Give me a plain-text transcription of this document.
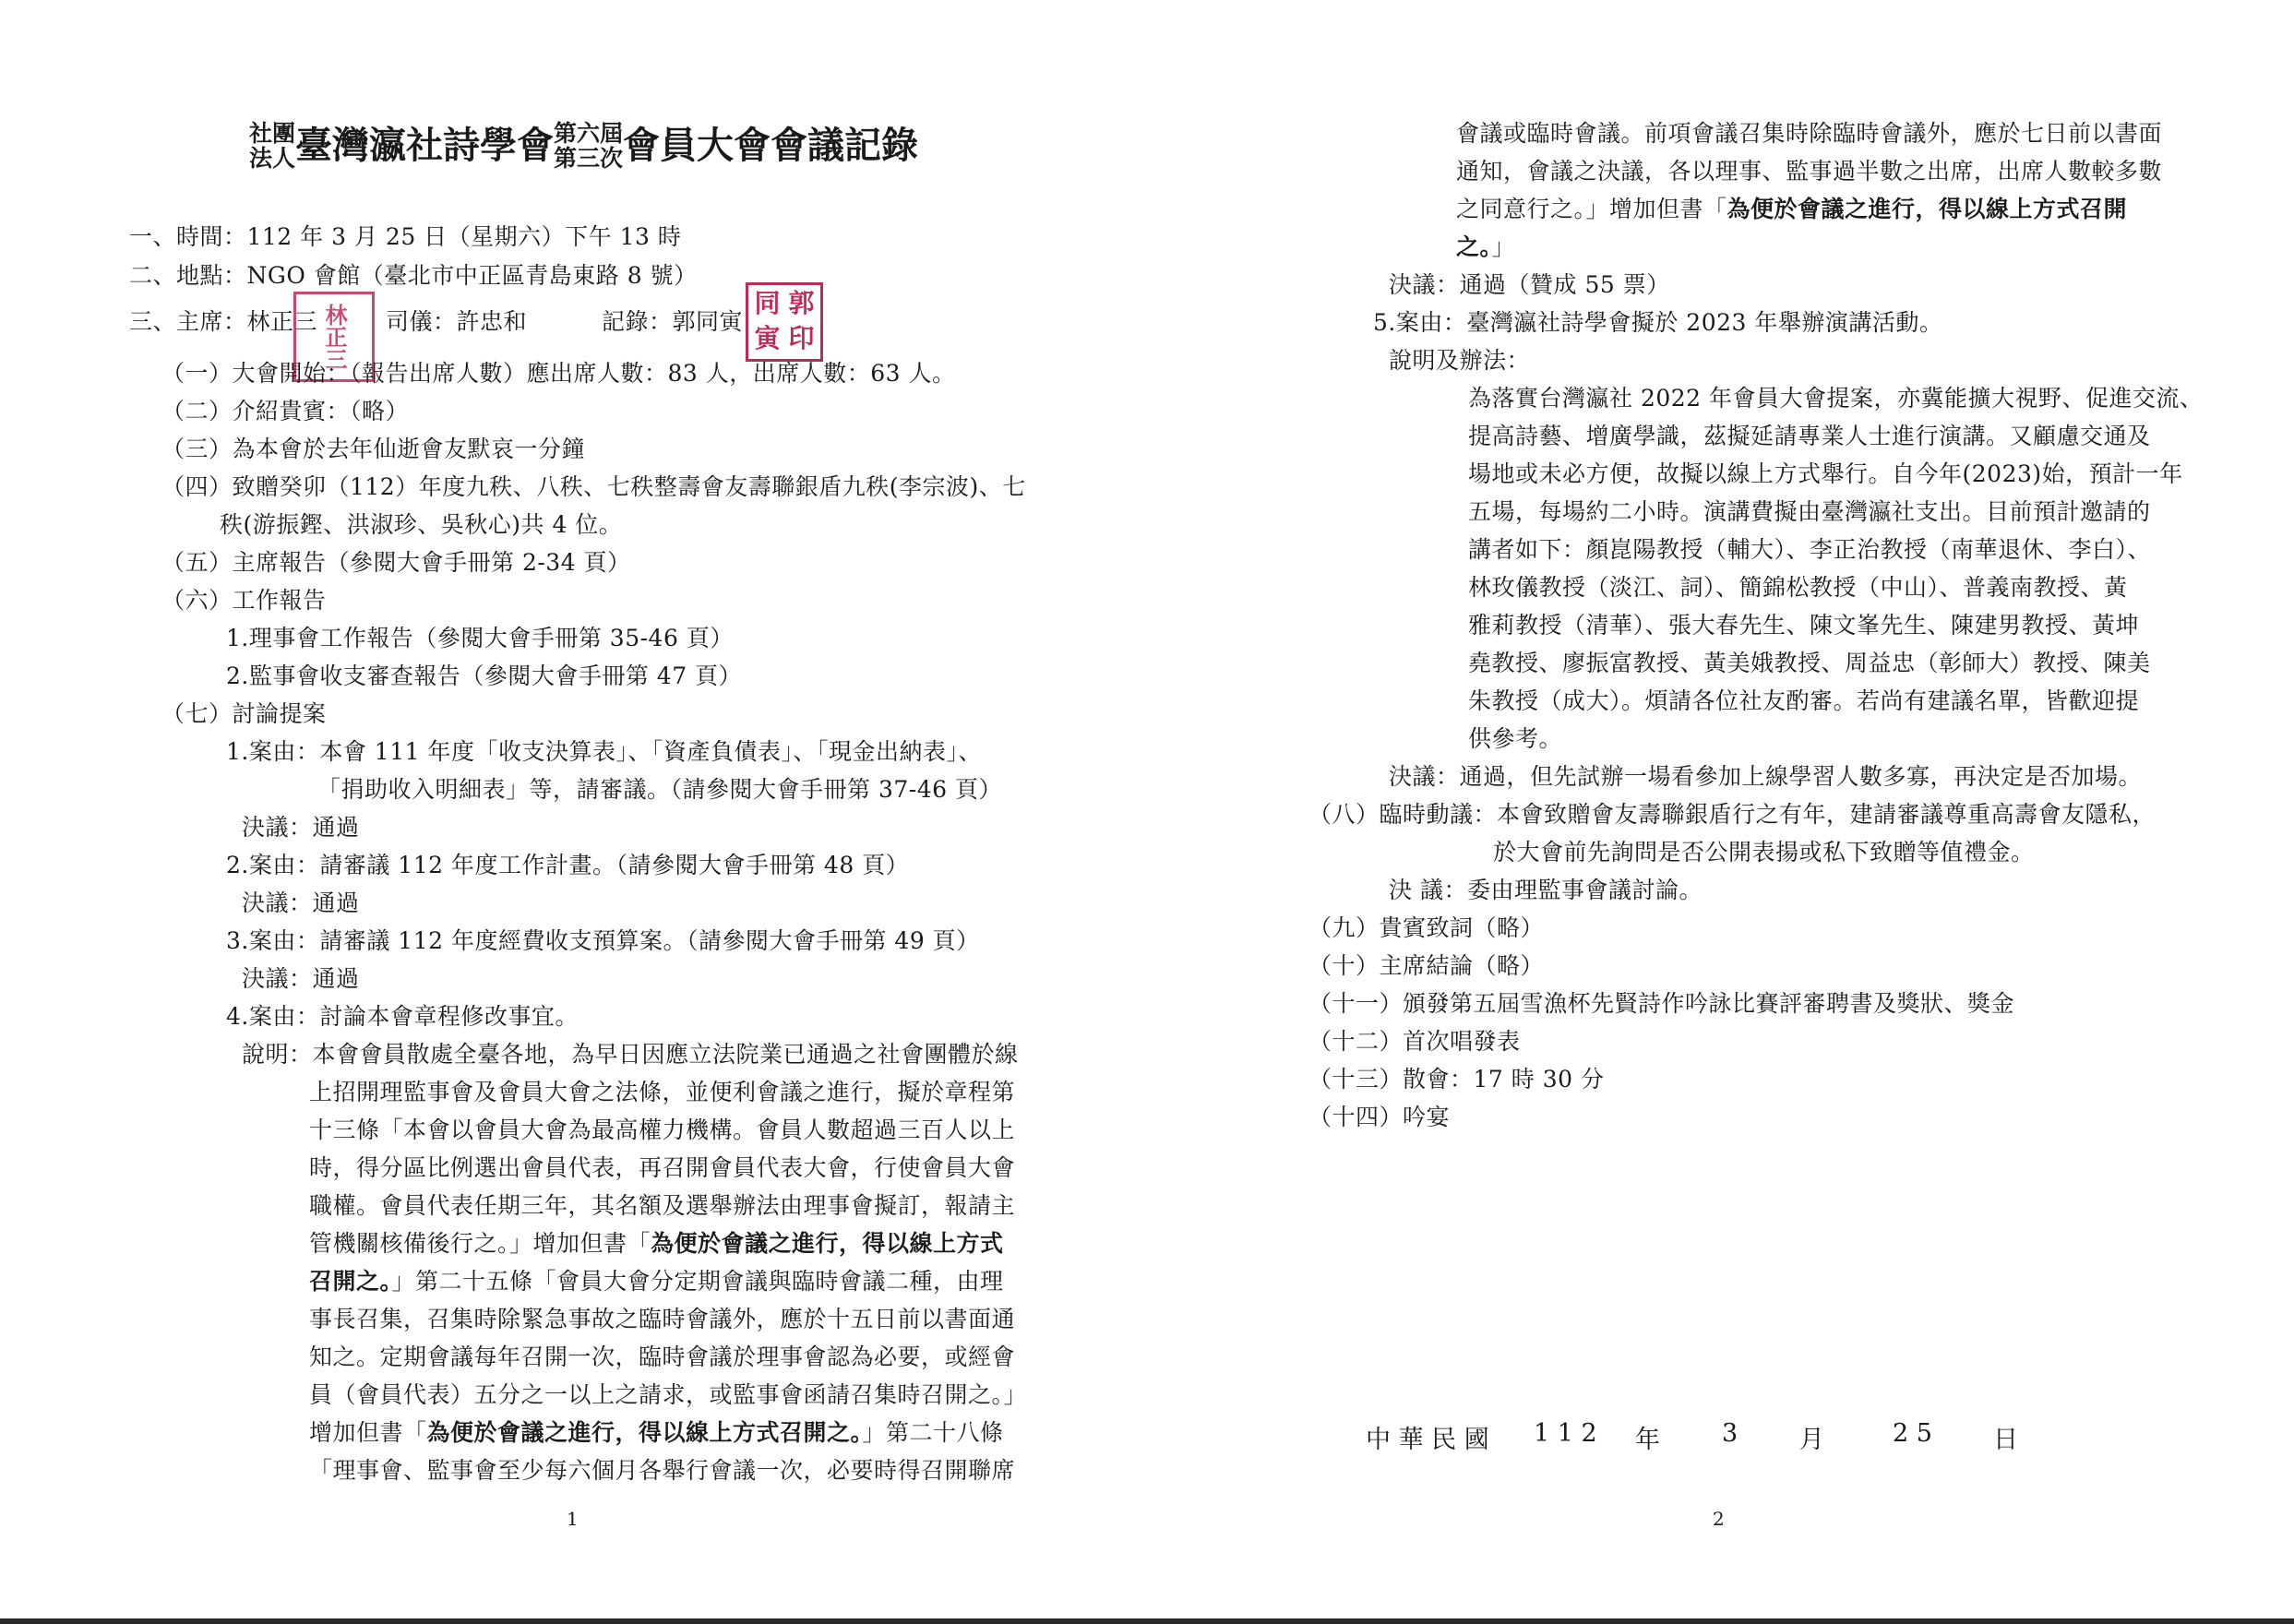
社團
法人臺灣瀛社詩學會第六屆
第三次會員大會會議記錄
一、時間：112 年 3 月 25 日（星期六）下午 13 時
二、地點：NGO 會館（臺北市中正區青島東路 8 號）
三、主席：林正三	司儀：許忠和	記錄：郭同寅
林正三
同 郭
寅 印
（一）大會開始：（報告出席人數）應出席人數：83 人，出席人數：63 人。
（二）介紹貴賓：（略）
（三）為本會於去年仙逝會友默哀一分鐘
（四）致贈癸卯（112）年度九秩、八秩、七秩整壽會友壽聯銀盾九秩(李宗波)、七
秩(游振鏗、洪淑珍、吳秋心)共 4 位。
（五）主席報告（參閱大會手冊第 2-34 頁）
（六）工作報告
1.理事會工作報告（參閱大會手冊第 35-46 頁）
2.監事會收支審查報告（參閱大會手冊第 47 頁）
（七）討論提案
1.案由：本會 111 年度「收支決算表」、「資產負債表」、「現金出納表」、
「捐助收入明細表」等，請審議。（請參閱大會手冊第 37-46 頁）
決議：通過
2.案由：請審議 112 年度工作計畫。（請參閱大會手冊第 48 頁）
決議：通過
3.案由：請審議 112 年度經費收支預算案。（請參閱大會手冊第 49 頁）
決議：通過
4.案由：討論本會章程修改事宜。
說明：本會會員散處全臺各地，為早日因應立法院業已通過之社會團體於線
上招開理監事會及會員大會之法條，並便利會議之進行，擬於章程第
十三條「本會以會員大會為最高權力機構。會員人數超過三百人以上
時，得分區比例選出會員代表，再召開會員代表大會，行使會員大會
職權。會員代表任期三年，其名額及選舉辦法由理事會擬訂，報請主
管機關核備後行之。」增加但書「為便於會議之進行，得以線上方式
召開之。」第二十五條「會員大會分定期會議與臨時會議二種，由理
事長召集，召集時除緊急事故之臨時會議外，應於十五日前以書面通
知之。定期會議每年召開一次，臨時會議於理事會認為必要，或經會
員（會員代表）五分之一以上之請求，或監事會函請召集時召開之。」
增加但書「為便於會議之進行，得以線上方式召開之。」第二十八條
「理事會、監事會至少每六個月各舉行會議一次，必要時得召開聯席
1
會議或臨時會議。前項會議召集時除臨時會議外，應於七日前以書面
通知，會議之決議，各以理事、監事過半數之出席，出席人數較多數
之同意行之。」增加但書「為便於會議之進行，得以線上方式召開
之。」
決議：通過（贊成 55 票）
5.案由：臺灣瀛社詩學會擬於 2023 年舉辦演講活動。
說明及辦法：
為落實台灣瀛社 2022 年會員大會提案，亦冀能擴大視野、促進交流、
提高詩藝、增廣學識，茲擬延請專業人士進行演講。又顧慮交通及
場地或未必方便，故擬以線上方式舉行。自今年(2023)始，預計一年
五場，每場約二小時。演講費擬由臺灣瀛社支出。目前預計邀請的
講者如下：顏崑陽教授（輔大）、李正治教授（南華退休、李白）、
林玫儀教授（淡江、詞）、簡錦松教授（中山）、普義南教授、黃
雅莉教授（清華）、張大春先生、陳文峯先生、陳建男教授、黃坤
堯教授、廖振富教授、黃美娥教授、周益忠（彰師大）教授、陳美
朱教授（成大）。煩請各位社友酌審。若尚有建議名單，皆歡迎提
供參考。
決議：通過，但先試辦一場看參加上線學習人數多寡，再決定是否加場。
（八）臨時動議：本會致贈會友壽聯銀盾行之有年，建請審議尊重高壽會友隱私，
於大會前先詢問是否公開表揚或私下致贈等值禮金。
決 議：委由理監事會議討論。
（九）貴賓致詞（略）
（十）主席結論（略）
（十一）頒發第五屆雪漁杯先賢詩作吟詠比賽評審聘書及獎狀、獎金
（十二）首次唱發表
（十三）散會：17 時 30 分
（十四）吟宴
中 華 民 國 1 1 2 年 3 月	2 5 日
2
